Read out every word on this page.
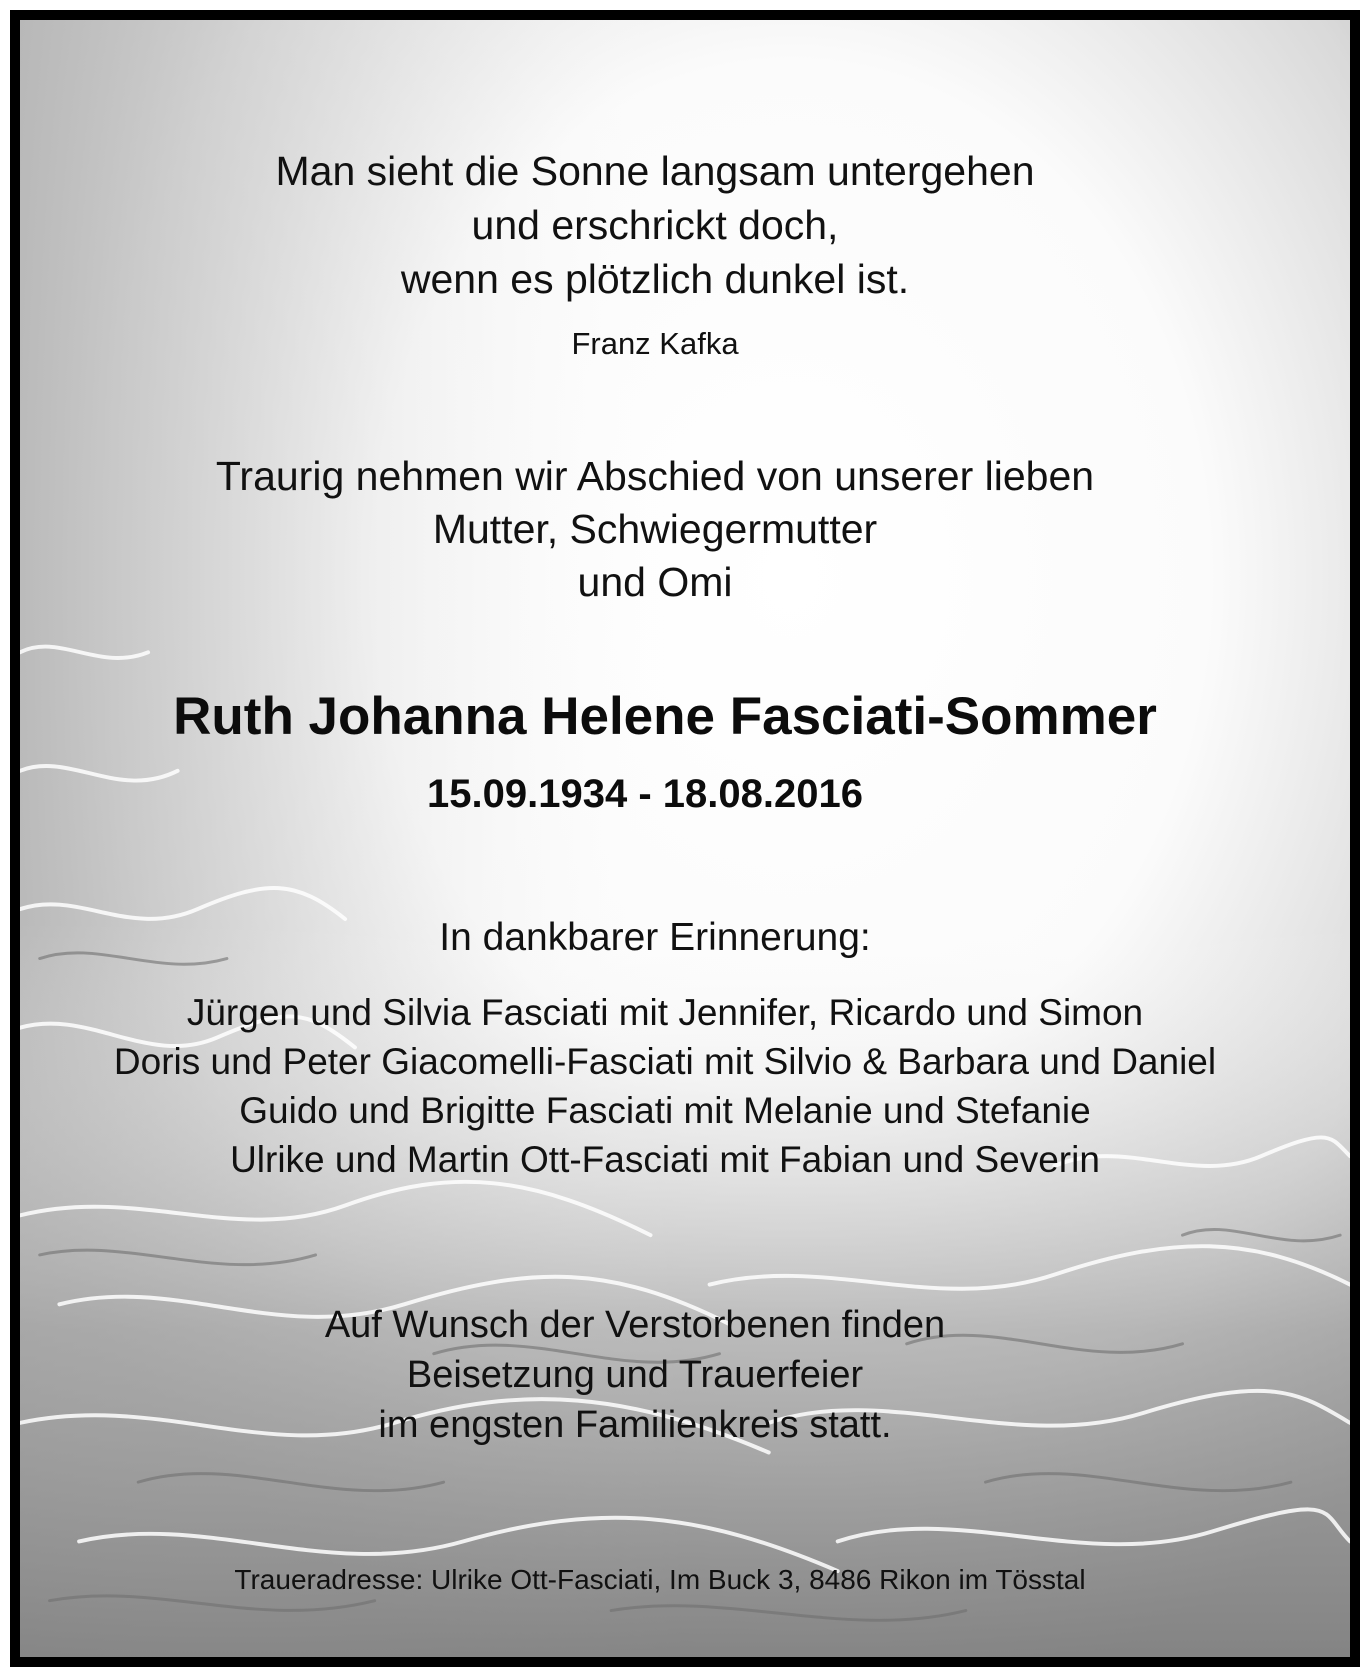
Man sieht die Sonne langsam untergehen
und erschrickt doch,
wenn es plötzlich dunkel ist.
Franz Kafka
Traurig nehmen wir Abschied von unserer lieben
Mutter, Schwiegermutter
und Omi
Ruth Johanna Helene Fasciati-Sommer
15.09.1934 - 18.08.2016
In dankbarer Erinnerung:
Jürgen und Silvia Fasciati mit Jennifer, Ricardo und Simon
Doris und Peter Giacomelli-Fasciati mit Silvio & Barbara und Daniel
Guido und Brigitte Fasciati mit Melanie und Stefanie
Ulrike und Martin Ott-Fasciati mit Fabian und Severin
Auf Wunsch der Verstorbenen finden
Beisetzung und Trauerfeier
im engsten Familienkreis statt.
Traueradresse: Ulrike Ott-Fasciati, Im Buck 3, 8486 Rikon im Tösstal
